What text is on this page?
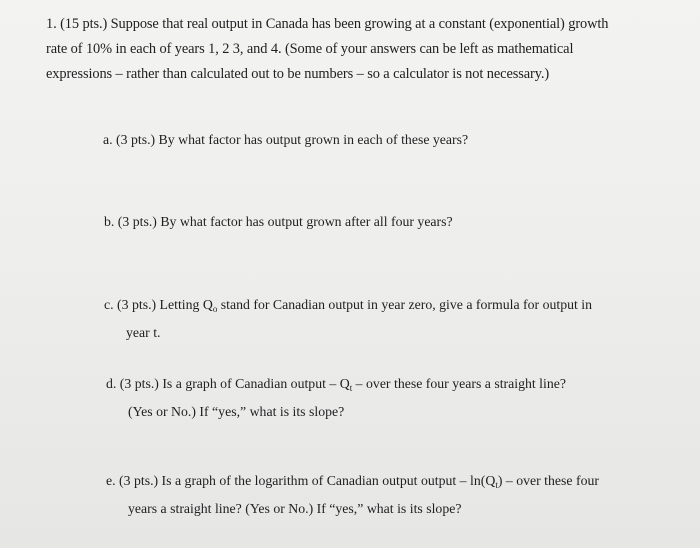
1. (15 pts.) Suppose that real output in Canada has been growing at a constant (exponential) growth
rate of 10% in each of years 1, 2 3, and 4. (Some of your answers can be left as mathematical
expressions – rather than calculated out to be numbers – so a calculator is not necessary.)
a. (3 pts.) By what factor has output grown in each of these years?
b. (3 pts.) By what factor has output grown after all four years?
c. (3 pts.) Letting $Q_o$ stand for Canadian output in year zero, give a formula for output in
year t.
d. (3 pts.) Is a graph of Canadian output – $Q_t$ – over these four years a straight line?
(Yes or No.) If “yes,” what is its slope?
e. (3 pts.) Is a graph of the logarithm of Canadian output output – $\ln(Q_t)$ – over these four
years a straight line? (Yes or No.) If “yes,” what is its slope?
